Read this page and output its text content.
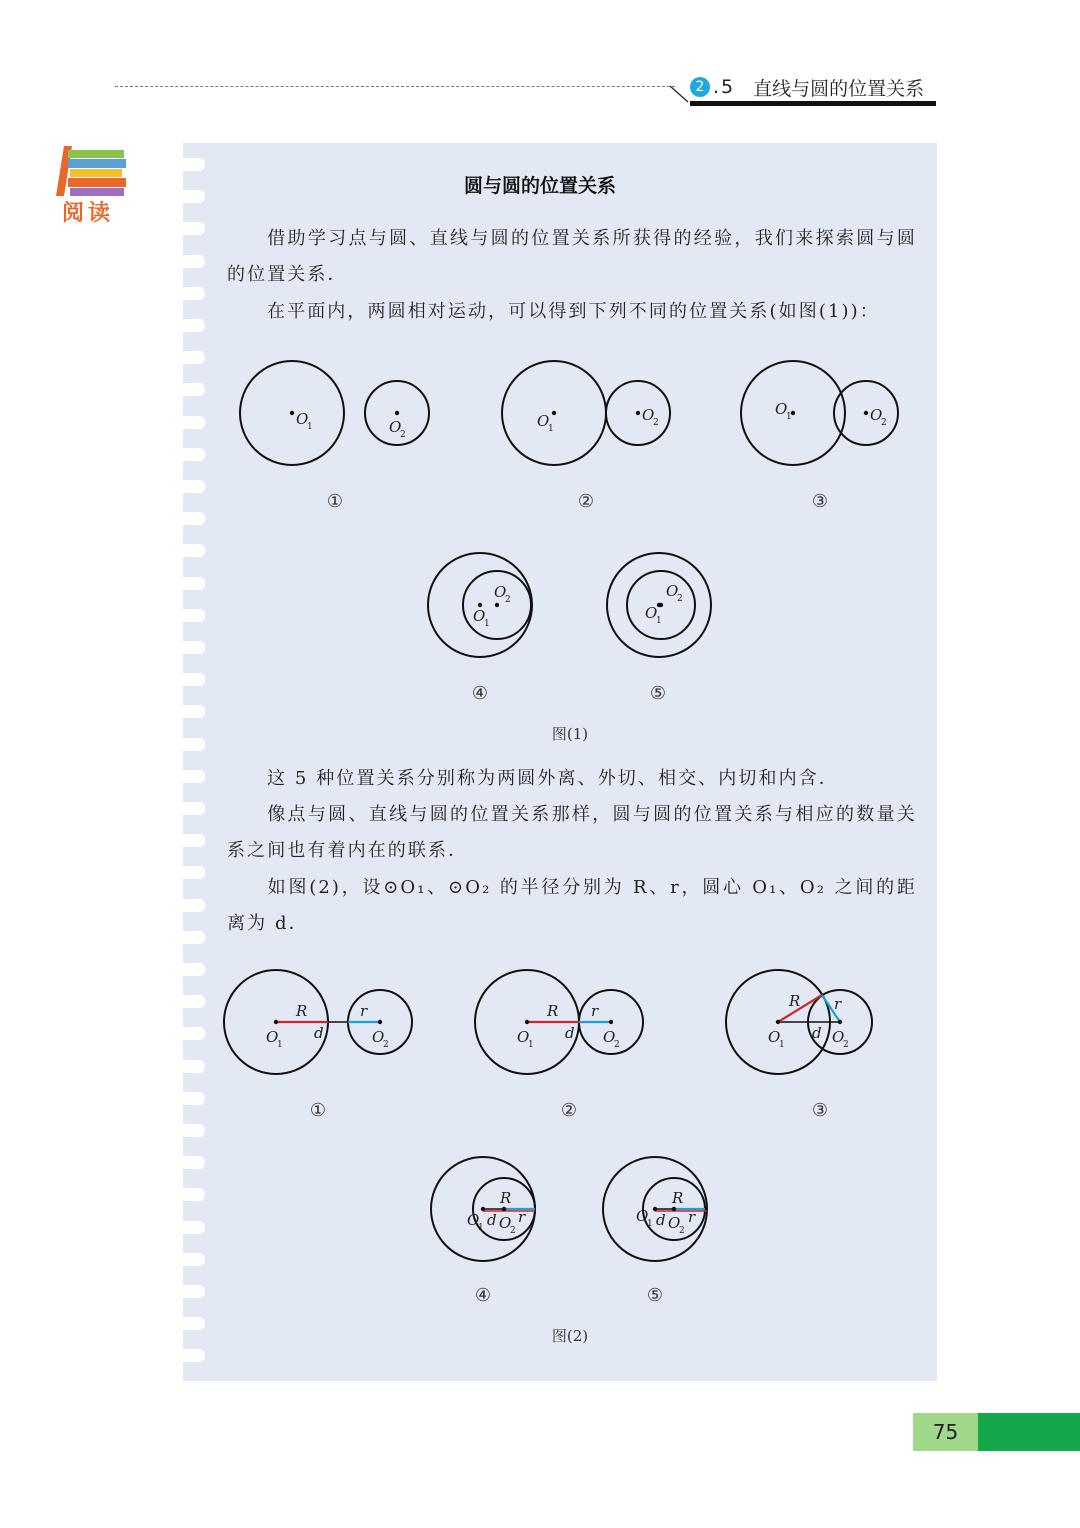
2 .5 直线与圆的位置关系
阅读
圆与圆的位置关系
借助学习点与圆、直线与圆的位置关系所获得的经验，我们来探索圆与圆的位置关系．
在平面内，两圆相对运动，可以得到下列不同的位置关系(如图(1))：
O
1	O
2
O
1
O
2
O
1	O
2
O
1
O
2
O
1
O
2
①	②	③
④	⑤
图(1)
这 5 种位置关系分别称为两圆外离、外切、相交、内切和内含．
像点与圆、直线与圆的位置关系那样，圆与圆的位置关系与相应的数量关系之间也有着内在的联系．
如图(2)，设⊙O₁、⊙O₂ 的半径分别为 R、r，圆心 O₁、O₂ 之间的距离为 d．
R	r
d
O
1	O
2
R r
d
O
1	O
2
R r
d
O
1	O
2
R
r
d
O
1 O
2
R
r
d
O
1 O
2
①	②	③
④	⑤
图(2)
75
